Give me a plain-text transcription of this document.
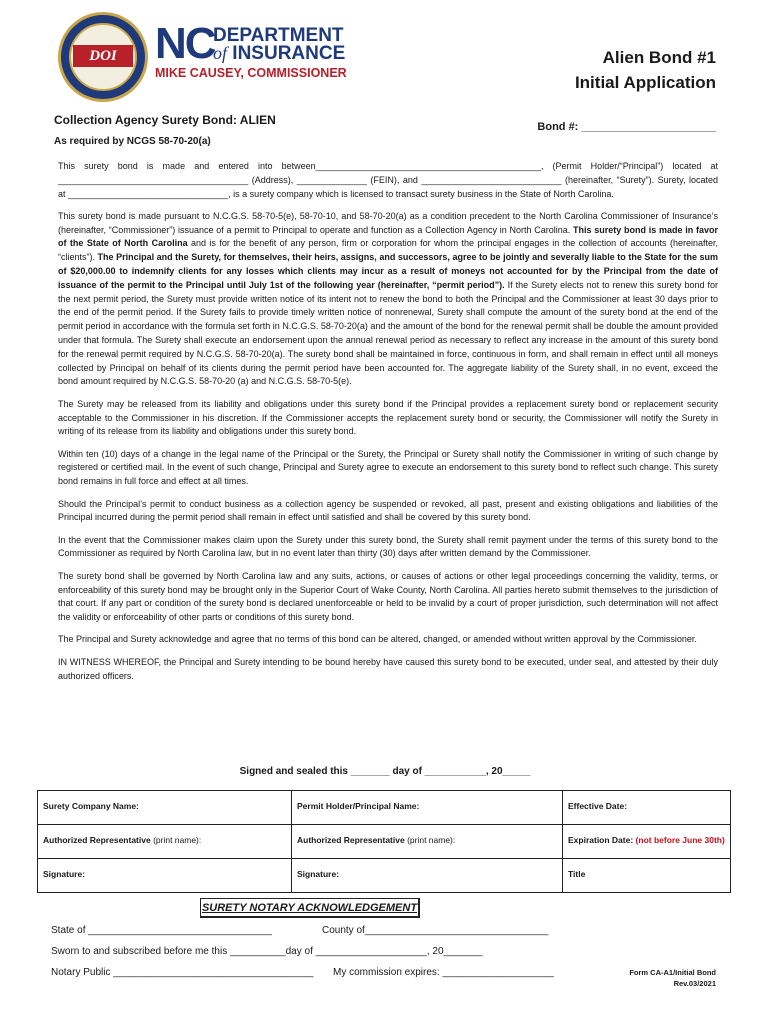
DOI NC
DEPARTMENT
of INSURANCE
MIKE CAUSEY, COMMISSIONER
Alien Bond #1
Initial Application
Collection Agency Surety Bond: ALIEN	Bond #: ______________________
As required by NCGS 58-70-20(a)

This surety bond is made and entered into between_____________________________________________, (Permit Holder/“Principal”) located at ______________________________________ (Address), ______________ (FEIN), and ____________________________ (hereinafter, “Surety”). Surety, located at ________________________________, is a surety company which is licensed to transact surety business in the State of North Carolina.

This surety bond is made pursuant to N.C.G.S. 58-70-5(e), 58-70-10, and 58-70-20(a) as a condition precedent to the North Carolina Commissioner of Insurance’s (hereinafter, “Commissioner”) issuance of a permit to Principal to operate and function as a Collection Agency in North Carolina. This surety bond is made in favor of the State of North Carolina and is for the benefit of any person, firm or corporation for whom the principal engages in the collection of accounts (hereinafter, “clients”). The Principal and the Surety, for themselves, their heirs, assigns, and successors, agree to be jointly and severally liable to the State for the sum of $20,000.00 to indemnify clients for any losses which clients may incur as a result of moneys not accounted for by the Principal from the date of issuance of the permit to the Principal until July 1st of the following year (hereinafter, “permit period”). If the Surety elects not to renew this surety bond for the next permit period, the Surety must provide written notice of its intent not to renew the bond to both the Principal and the Commissioner at least 30 days prior to the end of the permit period. If the Surety fails to provide timely written notice of nonrenewal, Surety shall compute the amount of the surety bond at the end of the permit period in accordance with the formula set forth in N.C.G.S. 58-70-20(a) and the amount of the bond for the renewal permit shall be double the amount provided under that formula. The Surety shall execute an endorsement upon the annual renewal period as necessary to reflect any increase in the amount of this surety bond for the renewal permit required by N.C.G.S. 58-70-20(a). The surety bond shall be maintained in force, continuous in form, and shall remain in effect until all moneys collected by Principal on behalf of its clients during the permit period have been accounted for. The aggregate liability of the Surety shall, in no event, exceed the bond amount required by N.C.G.S. 58-70-20 (a) and N.C.G.S. 58-70-5(e).

The Surety may be released from its liability and obligations under this surety bond if the Principal provides a replacement surety bond or replacement security acceptable to the Commissioner in his discretion. If the Commissioner accepts the replacement surety bond or security, the Commissioner will notify the Surety in writing of its release from its liability and obligations under this surety bond.

Within ten (10) days of a change in the legal name of the Principal or the Surety, the Principal or Surety shall notify the Commissioner in writing of such change by registered or certified mail. In the event of such change, Principal and Surety agree to execute an endorsement to this surety bond to reflect such change. This surety bond remains in full force and effect at all times.

Should the Principal’s permit to conduct business as a collection agency be suspended or revoked, all past, present and existing obligations and liabilities of the Principal incurred during the permit period shall remain in effect until satisfied and shall be covered by this surety bond.

In the event that the Commissioner makes claim upon the Surety under this surety bond, the Surety shall remit payment under the terms of this surety bond to the Commissioner as required by North Carolina law, but in no event later than thirty (30) days after written demand by the Commissioner.

The surety bond shall be governed by North Carolina law and any suits, actions, or causes of actions or other legal proceedings concerning the validity, terms, or enforceability of this surety bond may be brought only in the Superior Court of Wake County, North Carolina. All parties hereto submit themselves to the jurisdiction of that court. If any part or condition of the surety bond is declared unenforceable or held to be invalid by a court of proper jurisdiction, such determination will not affect the validity or enforceability of other parts or conditions of this surety bond.

The Principal and Surety acknowledge and agree that no terms of this bond can be altered, changed, or amended without written approval by the Commissioner.

IN WITNESS WHEREOF, the Principal and Surety intending to be bound hereby have caused this surety bond to be executed, under seal, and attested by their duly authorized officers.

Signed and sealed this _______ day of ___________, 20_____
Surety Company Name:	Permit Holder/Principal Name:	Effective Date:
Authorized Representative (print name):	Authorized Representative (print name):	Expiration Date: (not before June 30th)
Signature:	Signature:	Title
SURETY NOTARY ACKNOWLEDGEMENT
State of _________________________________	County of_________________________________
Sworn to and subscribed before me this __________day of ____________________, 20_______
Notary Public ____________________________________ My commission expires: ____________________	Form CA-A1/Initial Bond
Rev.03/2021
